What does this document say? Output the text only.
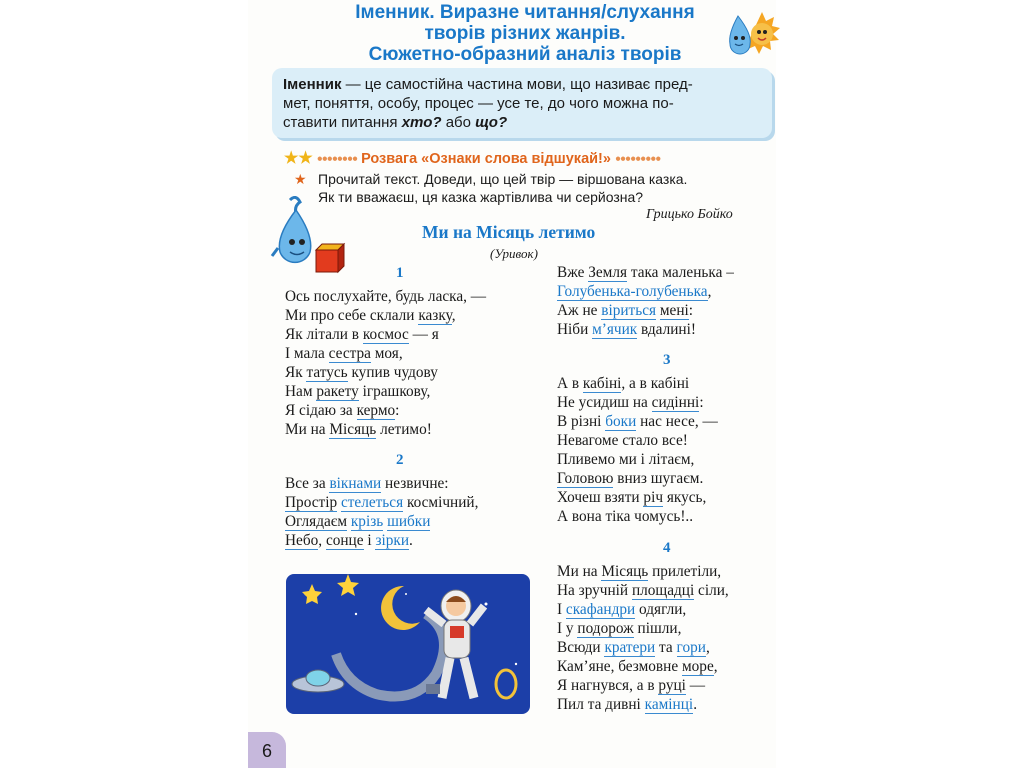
Іменник. Виразне читання/слухання
творів різних жанрів.
Сюжетно-образний аналіз творів
Іменник — це самостійна частина мови, що називає пред-
мет, поняття, особу, процес — усе те, до чого можна по-
ставити питання хто? або що?
★★ ●●●●●●●● Розвага «Ознаки слова відшукай!» ●●●●●●●●●
★ Прочитай текст. Доведи, що цей твір — віршована казка.
Як ти вважаєш, ця казка жартівлива чи серйозна?
Грицько Бойко
Ми на Місяць летимо
(Уривок)
1
Ось послухайте, будь ласка, —
Ми про себе склали казку,
Як літали в космос — я
І мала сестра моя,
Як татусь купив чудову
Нам ракету іграшкову,
Я сідаю за кермо:
Ми на Місяць летимо!
2
Все за вікнами незвичне:
Простір стелеться космічний,
Оглядаєм крізь шибки
Небо, сонце і зірки.
Вже Земля така маленька –
Голубенька-голубенька,
Аж не віриться мені:
Ніби м’ячик вдалині!
3
А в кабіні, а в кабіні
Не усидиш на сидінні:
В різні боки нас несе, —
Невагоме стало все!
Пливемо ми і літаєм,
Головою вниз шугаєм.
Хочеш взяти річ якусь,
А вона тіка чомусь!..
4
Ми на Місяць прилетіли,
На зручній площадці сіли,
І скафандри одягли,
І у подорож пішли,
Всюди кратери та гори,
Кам’яне, безмовне море,
Я нагнувся, а в руці —
Пил та дивні камінці.
6
